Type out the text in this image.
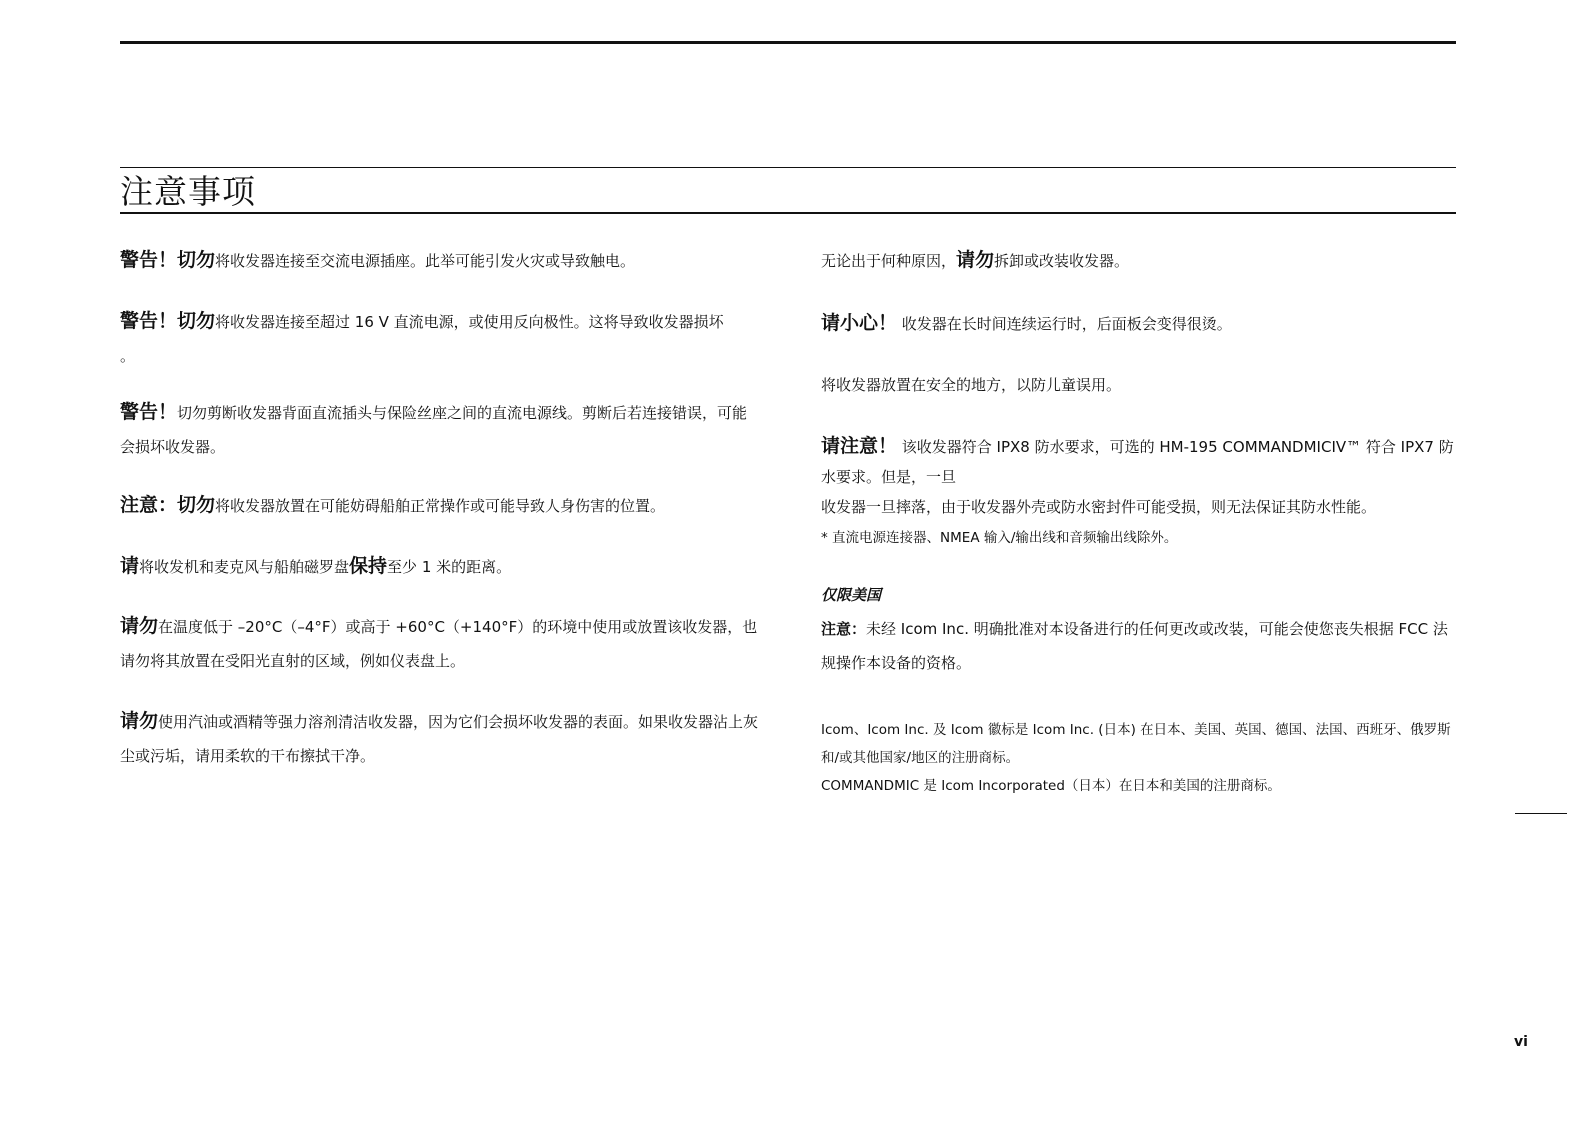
注意事项

警告！切勿将收发器连接至交流电源插座。此举可能引发火灾或导致触电。

警告！切勿将收发器连接至超过 16 V 直流电源，或使用反向极性。这将导致收发器损坏
。

警告！切勿剪断收发器背面直流插头与保险丝座之间的直流电源线。剪断后若连接错误，可能会损坏收发器。

注意：切勿将收发器放置在可能妨碍船舶正常操作或可能导致人身伤害的位置。

请将收发机和麦克风与船舶磁罗盘保持至少 1 米的距离。

请勿在温度低于 –20°C（–4°F）或高于 +60°C（+140°F）的环境中使用或放置该收发器，也请勿将其放置在受阳光直射的区域，例如仪表盘上。

请勿使用汽油或酒精等强力溶剂清洁收发器，因为它们会损坏收发器的表面。如果收发器沾上灰尘或污垢，请用柔软的干布擦拭干净。

无论出于何种原因，请勿拆卸或改装收发器。

请小心！ 收发器在长时间连续运行时，后面板会变得很烫。

将收发器放置在安全的地方，以防儿童误用。

请注意！ 该收发器符合 IPX8 防水要求，可选的 HM-195 COMMANDMICIV™ 符合 IPX7 防水要求。但是，一旦
收发器一旦摔落，由于收发器外壳或防水密封件可能受损，则无法保证其防水性能。
* 直流电源连接器、NMEA 输入/输出线和音频输出线除外。

仅限美国
注意：未经 Icom Inc. 明确批准对本设备进行的任何更改或改装，可能会使您丧失根据 FCC 法规操作本设备的资格。

Icom、Icom Inc. 及 Icom 徽标是 Icom Inc. (日本) 在日本、美国、英国、德国、法国、西班牙、俄罗斯和/或其他国家/地区的注册商标。
COMMANDMIC 是 Icom Incorporated（日本）在日本和美国的注册商标。

vi
